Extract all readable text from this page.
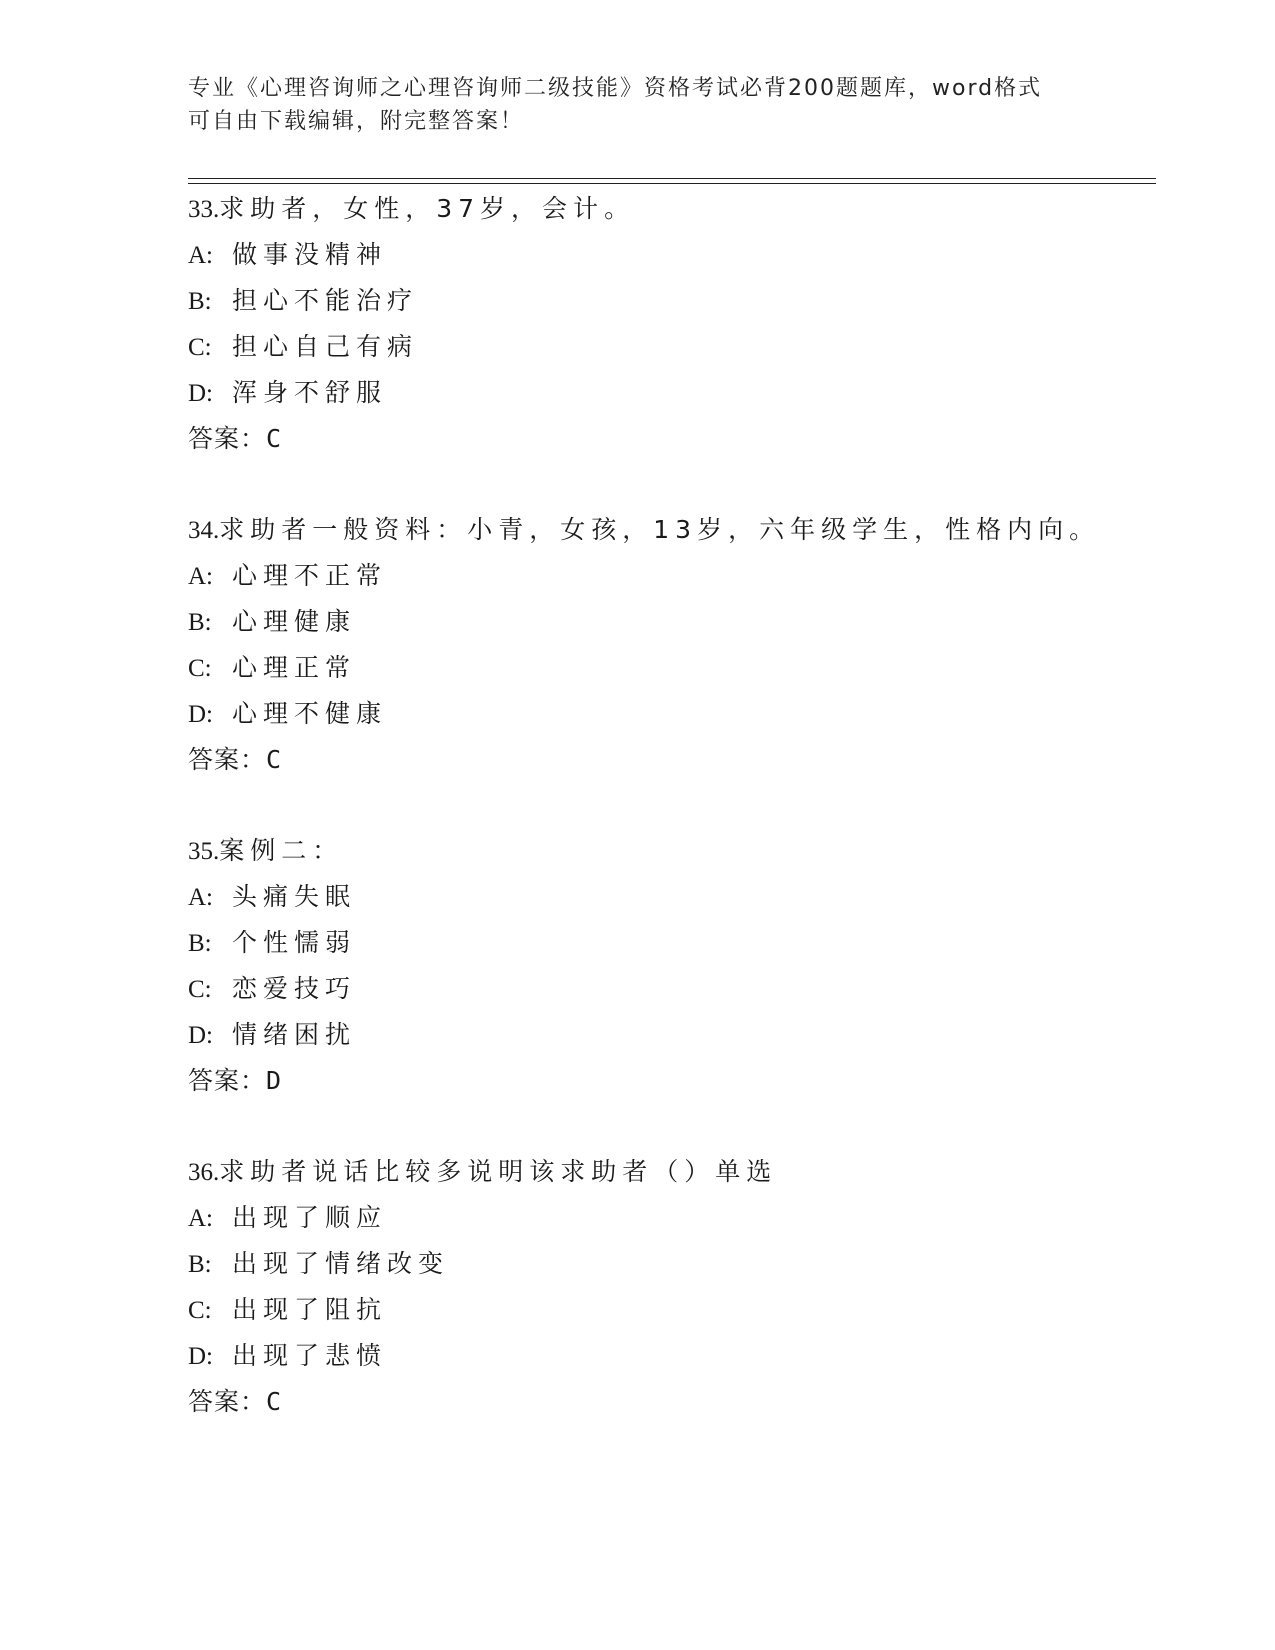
专业《心理咨询师之心理咨询师二级技能》资格考试必背200题题库，word格式
可自由下载编辑，附完整答案！
33.求助者，女性，37岁，会计。
A: 做事没精神
B: 担心不能治疗
C: 担心自己有病
D: 浑身不舒服
答案：C
34.求助者一般资料：小青，女孩，13岁，六年级学生，性格内向。
A: 心理不正常
B: 心理健康
C: 心理正常
D: 心理不健康
答案：C
35.案例二：
A: 头痛失眠
B: 个性懦弱
C: 恋爱技巧
D: 情绪困扰
答案：D
36.求助者说话比较多说明该求助者（）单选
A: 出现了顺应
B: 出现了情绪改变
C: 出现了阻抗
D: 出现了悲愤
答案：C
